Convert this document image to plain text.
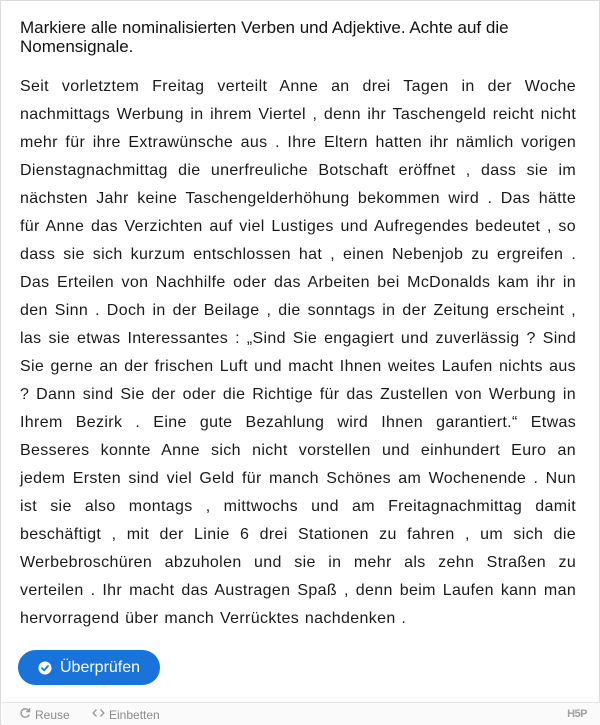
Markiere alle nominalisierten Verben und Adjektive. Achte auf die Nomensignale.
Seit vorletztem Freitag verteilt Anne an drei Tagen in der Woche nachmittags Werbung in ihrem Viertel , denn ihr Taschengeld reicht nicht mehr für ihre Extrawünsche aus . Ihre Eltern hatten ihr nämlich vorigen Dienstagnachmittag die unerfreuliche Botschaft eröffnet , dass sie im nächsten Jahr keine Taschengelderhöhung bekommen wird . Das hätte für Anne das Verzichten auf viel Lustiges und Aufregendes bedeutet , so dass sie sich kurzum entschlossen hat , einen Nebenjob zu ergreifen . Das Erteilen von Nachhilfe oder das Arbeiten bei McDonalds kam ihr in den Sinn . Doch in der Beilage , die sonntags in der Zeitung erscheint , las sie etwas Interessantes : „Sind Sie engagiert und zuverlässig ? Sind Sie gerne an der frischen Luft und macht Ihnen weites Laufen nichts aus ? Dann sind Sie der oder die Richtige für das Zustellen von Werbung in Ihrem Bezirk . Eine gute Bezahlung wird Ihnen garantiert.“ Etwas Besseres konnte Anne sich nicht vorstellen und einhundert Euro an jedem Ersten sind viel Geld für manch Schönes am Wochenende . Nun ist sie also montags , mittwochs und am Freitagnachmittag damit beschäftigt , mit der Linie 6 drei Stationen zu fahren , um sich die Werbebroschüren abzuholen und sie in mehr als zehn Straßen zu verteilen . Ihr macht das Austragen Spaß , denn beim Laufen kann man hervorragend über manch Verrücktes nachdenken .
Überprüfen
Reuse	Einbetten	H5P
